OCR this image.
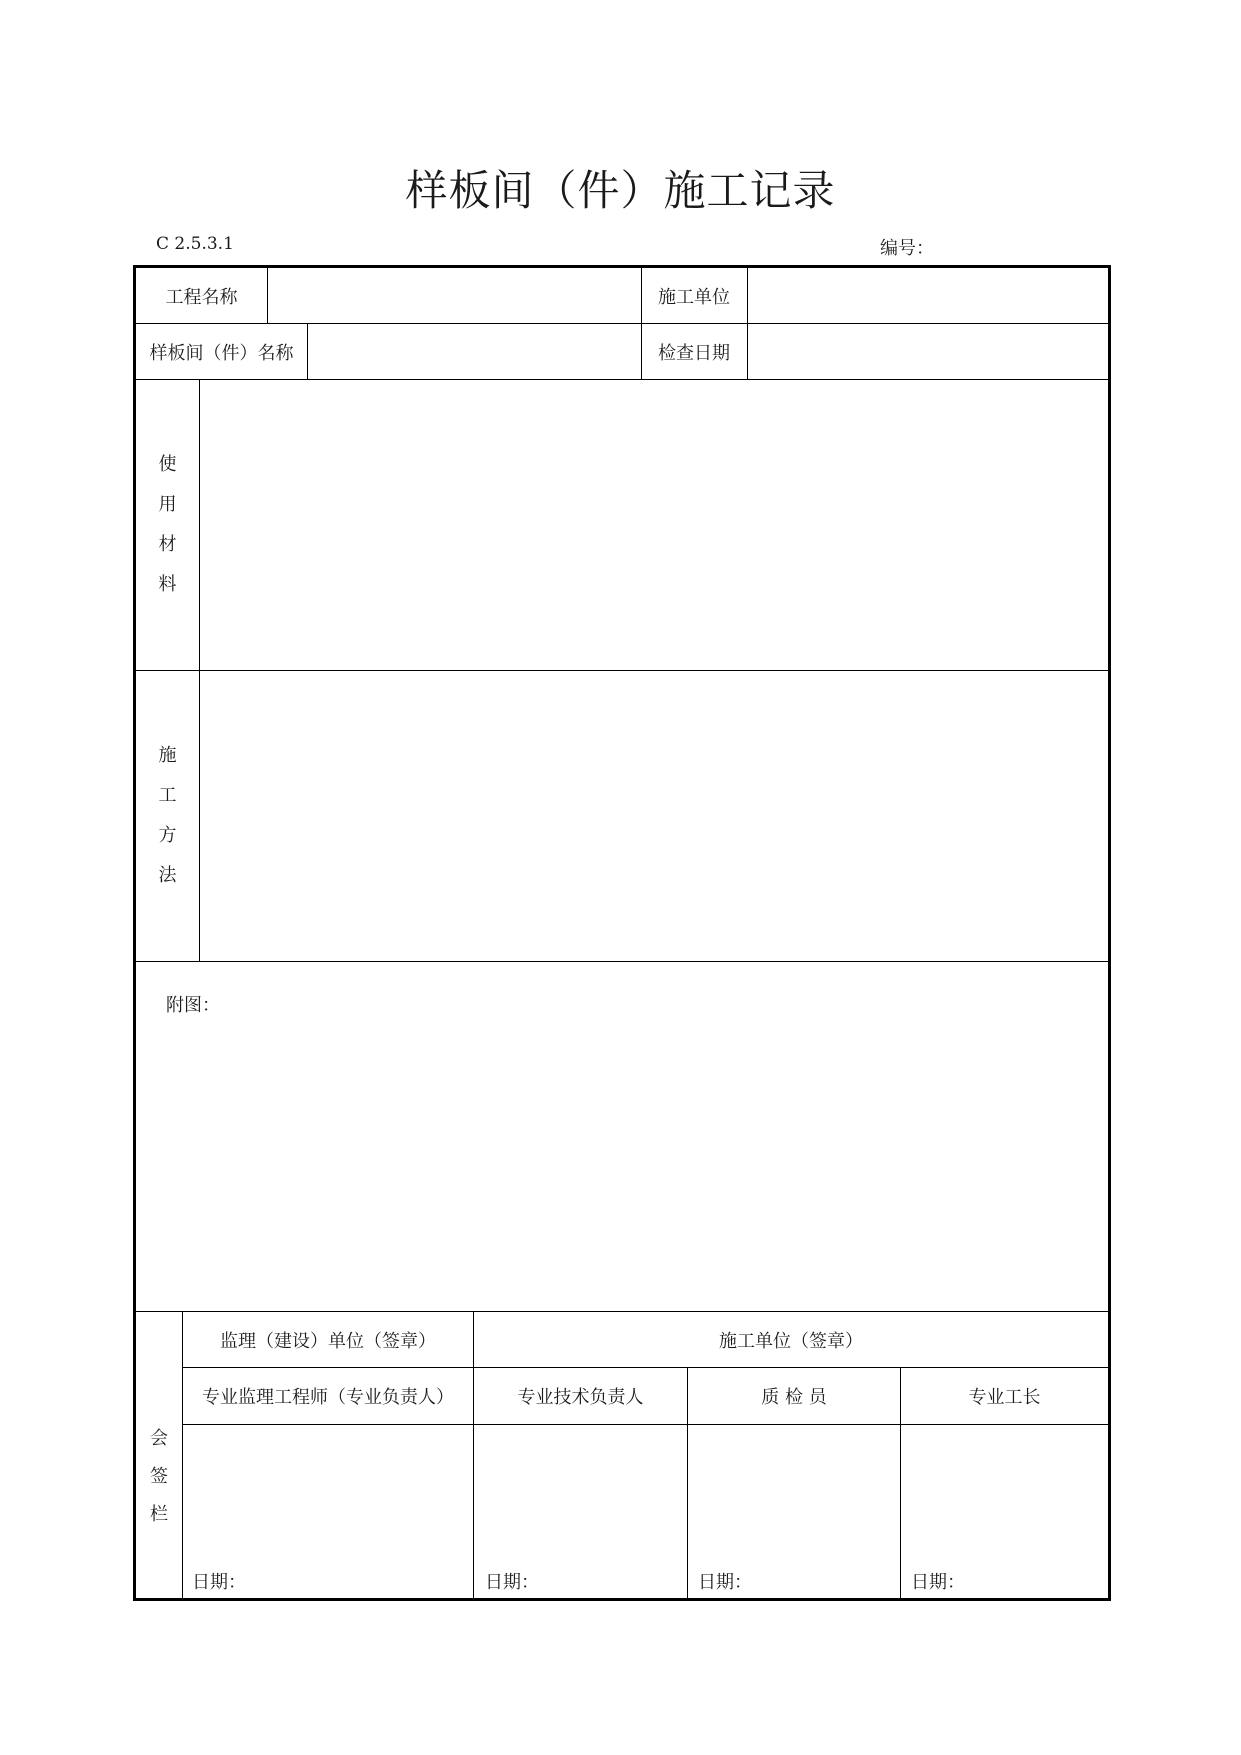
样板间（件）施工记录
C 2.5.3.1	编号：
工程名称	施工单位
样板间（件）名称	检查日期
使
用
材
料
施
工
方
法
附图：
会
签
栏
监理（建设）单位（签章）	施工单位（签章）
专业监理工程师（专业负责人）	专业技术负责人	质 检 员	专业工长
日期：	日期：	日期：	日期：
